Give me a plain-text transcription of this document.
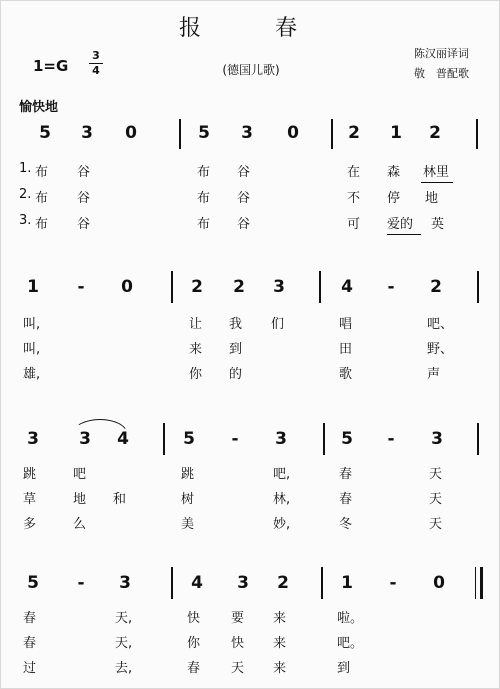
报　春
陈汉丽译词
敬　普配歌
1=G
3
4	(德国儿歌)
愉快地
5 3 0	5 3 0	2 1 2
1. 布 谷	布 谷	在 森 林里
2. 布 谷	布 谷	不 停 地
3. 布 谷	布 谷	可 爱的 英
1	-	0	2 2 3	4	-	2
叫,	让 我 们	唱	吧、
叫,	来 到	田	野、
雄,	你 的	歌	声
3 3 4	5	-	3	5	-	3
跳	吧	跳	吧,	春	天
草	地 和	树	林,	春	天
多	么	美	妙,	冬	天
5	-	3	4 3 2	1	-	0
春	天,	快 要 来	啦。
春	天,	你 快 来	吧。
过	去,	春 天 来	到
